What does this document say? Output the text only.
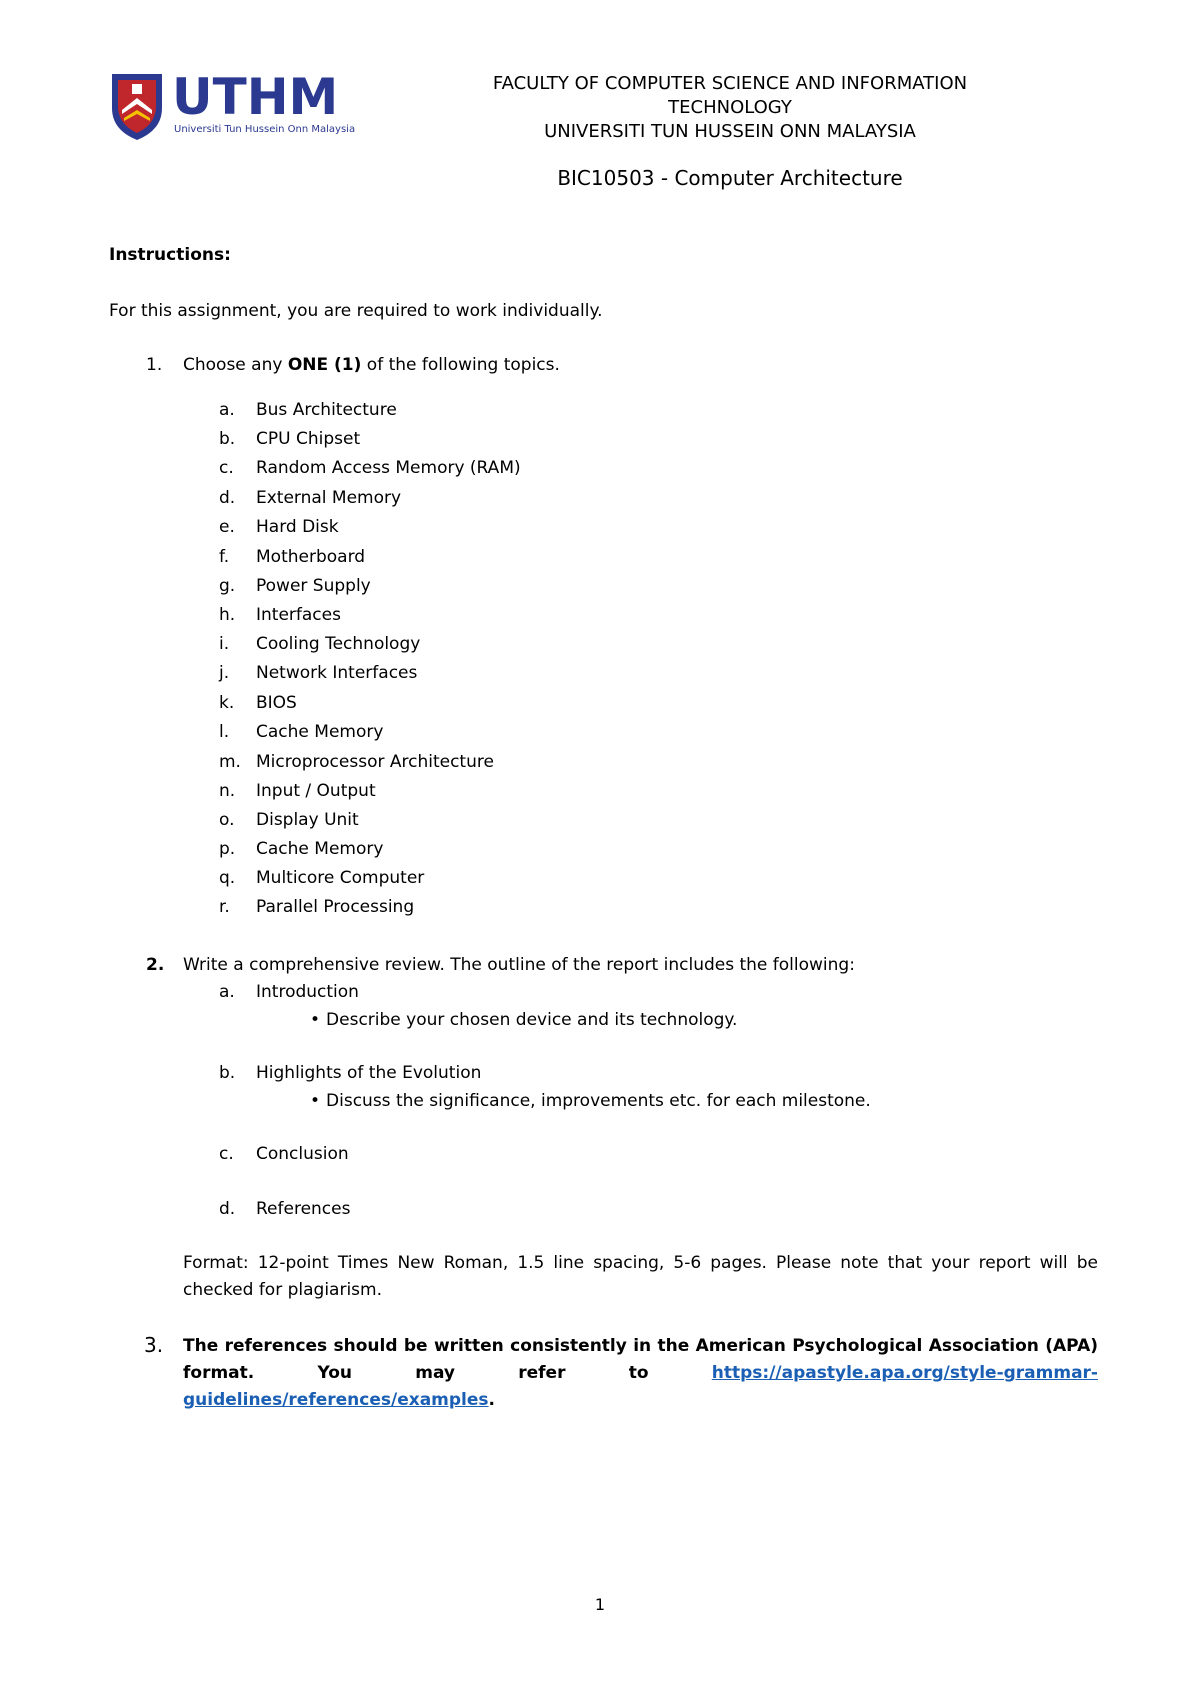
UTHM
Universiti Tun Hussein Onn Malaysia
FACULTY OF COMPUTER SCIENCE AND INFORMATION
TECHNOLOGY
UNIVERSITI TUN HUSSEIN ONN MALAYSIA
BIC10503 - Computer Architecture
Instructions:
For this assignment, you are required to work individually.
1. Choose any ONE (1) of the following topics.
a. Bus Architecture
b. CPU Chipset
c. Random Access Memory (RAM)
d. External Memory
e. Hard Disk
f. Motherboard
g. Power Supply
h. Interfaces
i. Cooling Technology
j. Network Interfaces
k. BIOS
l. Cache Memory
m. Microprocessor Architecture
n. Input / Output
o. Display Unit
p. Cache Memory
q. Multicore Computer
r. Parallel Processing
2. Write a comprehensive review. The outline of the report includes the following:
a. Introduction
• Describe your chosen device and its technology.
b. Highlights of the Evolution
• Discuss the significance, improvements etc. for each milestone.
c. Conclusion
d. References
Format: 12-point Times New Roman, 1.5 line spacing, 5-6 pages. Please note that your report will be checked for plagiarism.
3. The references should be written consistently in the American Psychological Association (APA) format. You may refer to https://apastyle.apa.org/style-grammar-guidelines/references/examples.
1
